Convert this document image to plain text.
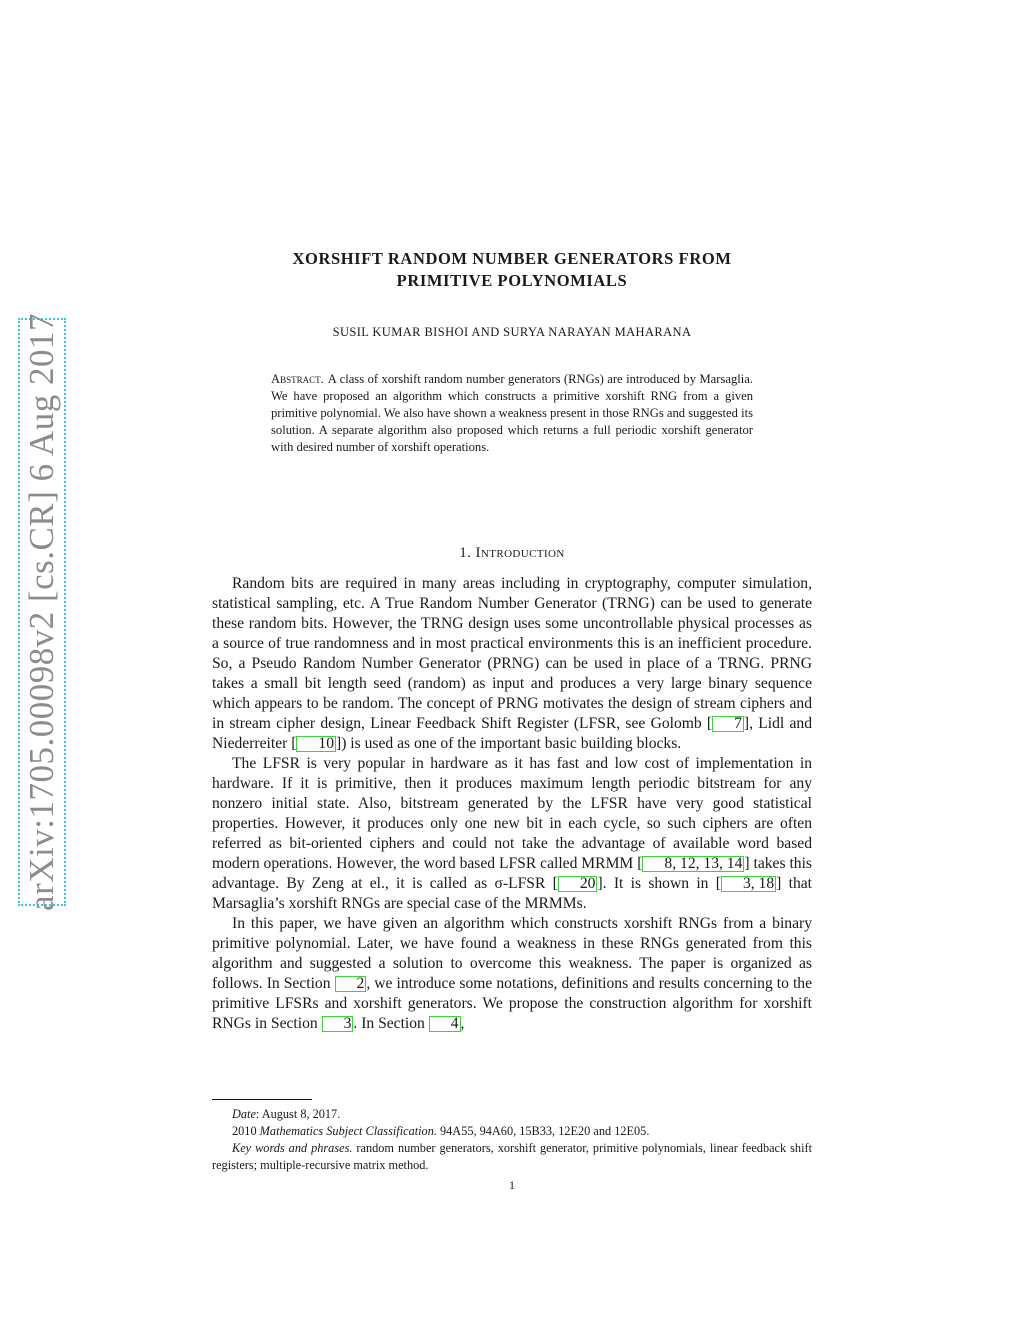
arXiv:1705.00098v2 [cs.CR] 6 Aug 2017
XORSHIFT RANDOM NUMBER GENERATORS FROM
PRIMITIVE POLYNOMIALS
SUSIL KUMAR BISHOI AND SURYA NARAYAN MAHARANA
Abstract. A class of xorshift random number generators (RNGs) are introduced by Marsaglia. We have proposed an algorithm which constructs a primitive xorshift RNG from a given primitive polynomial. We also have shown a weakness present in those RNGs and suggested its solution. A separate algorithm also proposed which returns a full periodic xorshift generator with desired number of xorshift operations.
1. Introduction

Random bits are required in many areas including in cryptography, computer simulation, statistical sampling, etc. A True Random Number Generator (TRNG) can be used to generate these random bits. However, the TRNG design uses some uncontrollable physical processes as a source of true randomness and in most practical environments this is an inefficient procedure. So, a Pseudo Random Number Generator (PRNG) can be used in place of a TRNG. PRNG takes a small bit length seed (random) as input and produces a very large binary sequence which appears to be random. The concept of PRNG motivates the design of stream ciphers and in stream cipher design, Linear Feedback Shift Register (LFSR, see Golomb [ 7 ], Lidl and Niederreiter [ 10 ]) is used as one of the important basic building blocks.

The LFSR is very popular in hardware as it has fast and low cost of implementation in hardware. If it is primitive, then it produces maximum length periodic bitstream for any nonzero initial state. Also, bitstream generated by the LFSR have very good statistical properties. However, it produces only one new bit in each cycle, so such ciphers are often referred as bit-oriented ciphers and could not take the advantage of available word based modern operations. However, the word based LFSR called MRMM [ 8, 12, 13, 14 ] takes this advantage. By Zeng at el., it is called as σ-LFSR [ 20 ]. It is shown in [ 3, 18 ] that Marsaglia’s xorshift RNGs are special case of the MRMMs.

In this paper, we have given an algorithm which constructs xorshift RNGs from a binary primitive polynomial. Later, we have found a weakness in these RNGs generated from this algorithm and suggested a solution to overcome this weakness. The paper is organized as follows. In Section 2 , we introduce some notations, definitions and results concerning to the primitive LFSRs and xorshift generators. We propose the construction algorithm for xorshift RNGs in Section 3 . In Section 4 ,

Date: August 8, 2017.

2010 Mathematics Subject Classification. 94A55, 94A60, 15B33, 12E20 and 12E05.

Key words and phrases. random number generators, xorshift generator, primitive polynomials, linear feedback shift registers; multiple-recursive matrix method.

1
